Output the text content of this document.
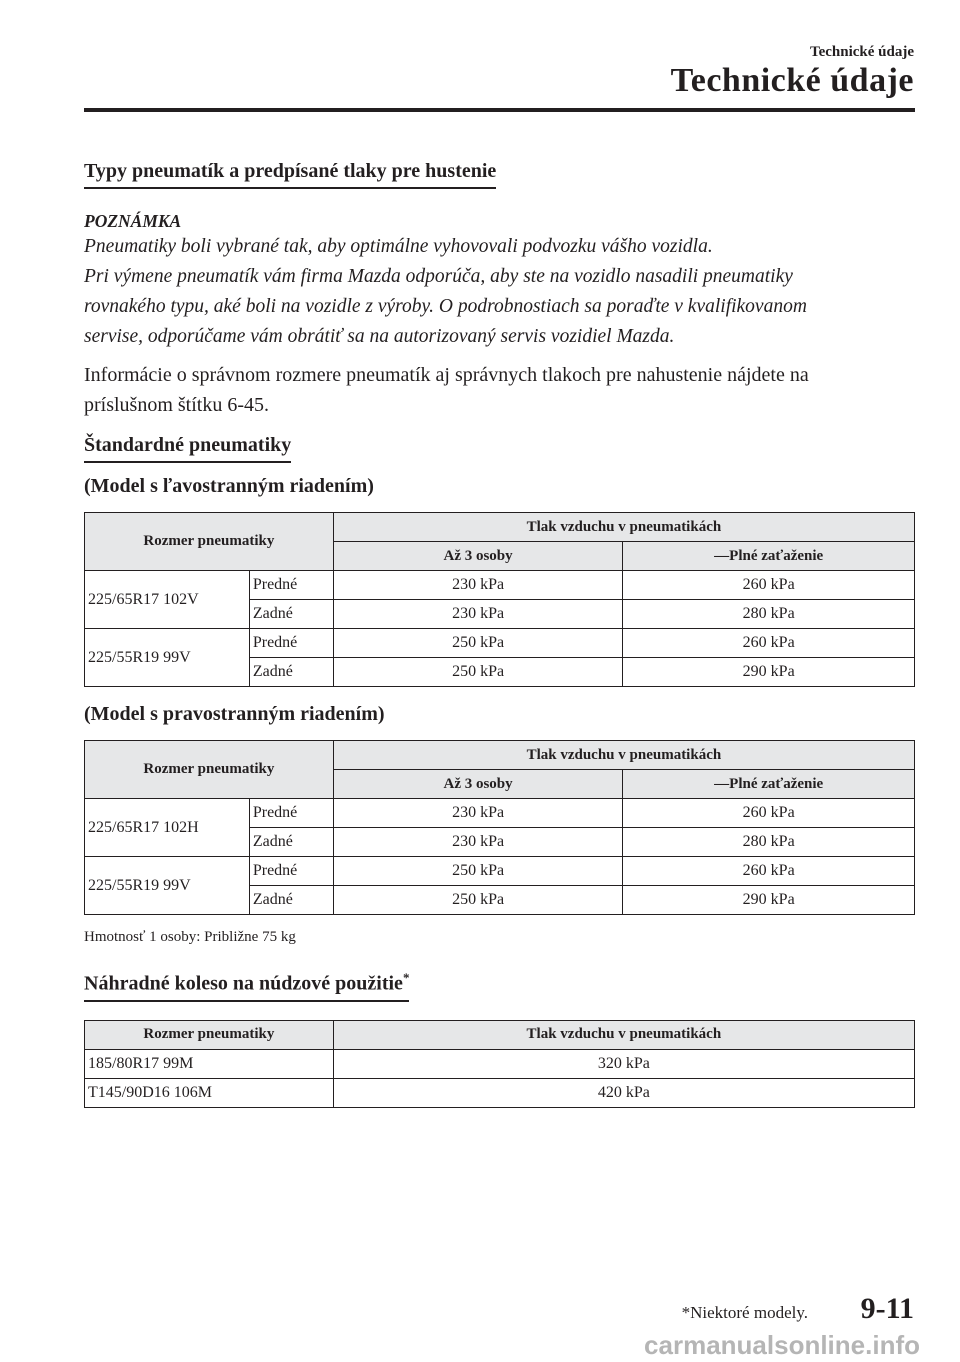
Technické údaje
Technické údaje
Typy pneumatík a predpísané tlaky pre hustenie
POZNÁMKA

Pneumatiky boli vybrané tak, aby optimálne vyhovovali podvozku vášho vozidla.
Pri výmene pneumatík vám firma Mazda odporúča, aby ste na vozidlo nasadili pneumatiky
rovnakého typu, aké boli na vozidle z výroby. O podrobnostiach sa poraďte v kvalifikovanom
servise, odporúčame vám obrátiť sa na autorizovaný servis vozidiel Mazda.

Informácie o správnom rozmere pneumatík aj správnych tlakoch pre nahustenie nájdete na
príslušnom štítku 6-45.

Štandardné pneumatiky
(Model s ľavostranným riadením)
Rozmer pneumatiky		Tlak vzduchu v pneumatikách	
		Až 3 osoby	―Plné zaťaženie
225/65R17 102V	Predné	230 kPa	260 kPa
	Zadné	230 kPa	280 kPa
225/55R19 99V	Predné	250 kPa	260 kPa
	Zadné	250 kPa	290 kPa
(Model s pravostranným riadením)
Rozmer pneumatiky		Tlak vzduchu v pneumatikách	
		Až 3 osoby	―Plné zaťaženie
225/65R17 102H	Predné	230 kPa	260 kPa
	Zadné	230 kPa	280 kPa
225/55R19 99V	Predné	250 kPa	260 kPa
	Zadné	250 kPa	290 kPa
Hmotnosť 1 osoby: Približne 75 kg
Náhradné koleso na núdzové použitie*
Rozmer pneumatiky	Tlak vzduchu v pneumatikách
185/80R17 99M	320 kPa
T145/90D16 106M	420 kPa
*Niektoré modely. 9-11
carmanualsonline.info
